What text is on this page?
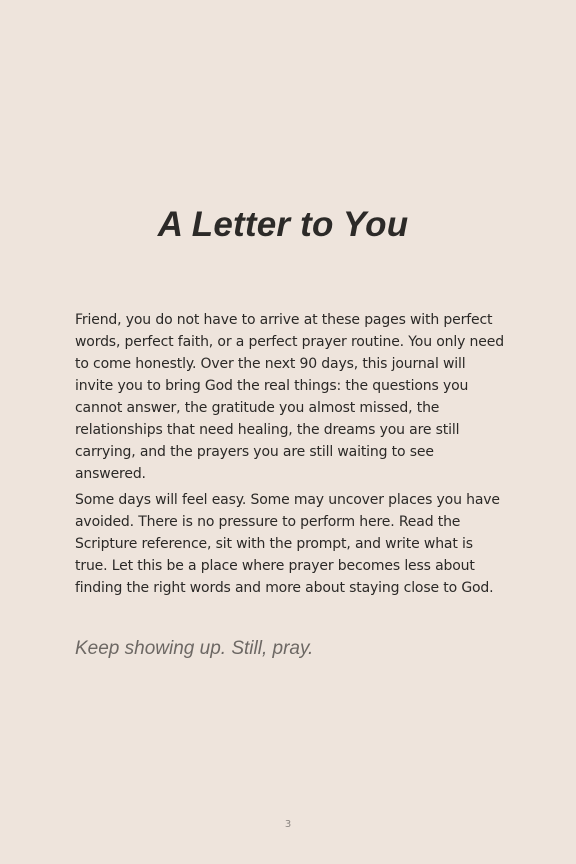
A Letter to You

Friend, you do not have to arrive at these pages with perfect words, perfect faith, or a perfect prayer routine. You only need to come honestly. Over the next 90 days, this journal will invite you to bring God the real things: the questions you cannot answer, the gratitude you almost missed, the relationships that need healing, the dreams you are still carrying, and the prayers you are still waiting to see answered.

Some days will feel easy. Some may uncover places you have avoided. There is no pressure to perform here. Read the Scripture reference, sit with the prompt, and write what is true. Let this be a place where prayer becomes less about finding the right words and more about staying close to God.

Keep showing up. Still, pray.

3
